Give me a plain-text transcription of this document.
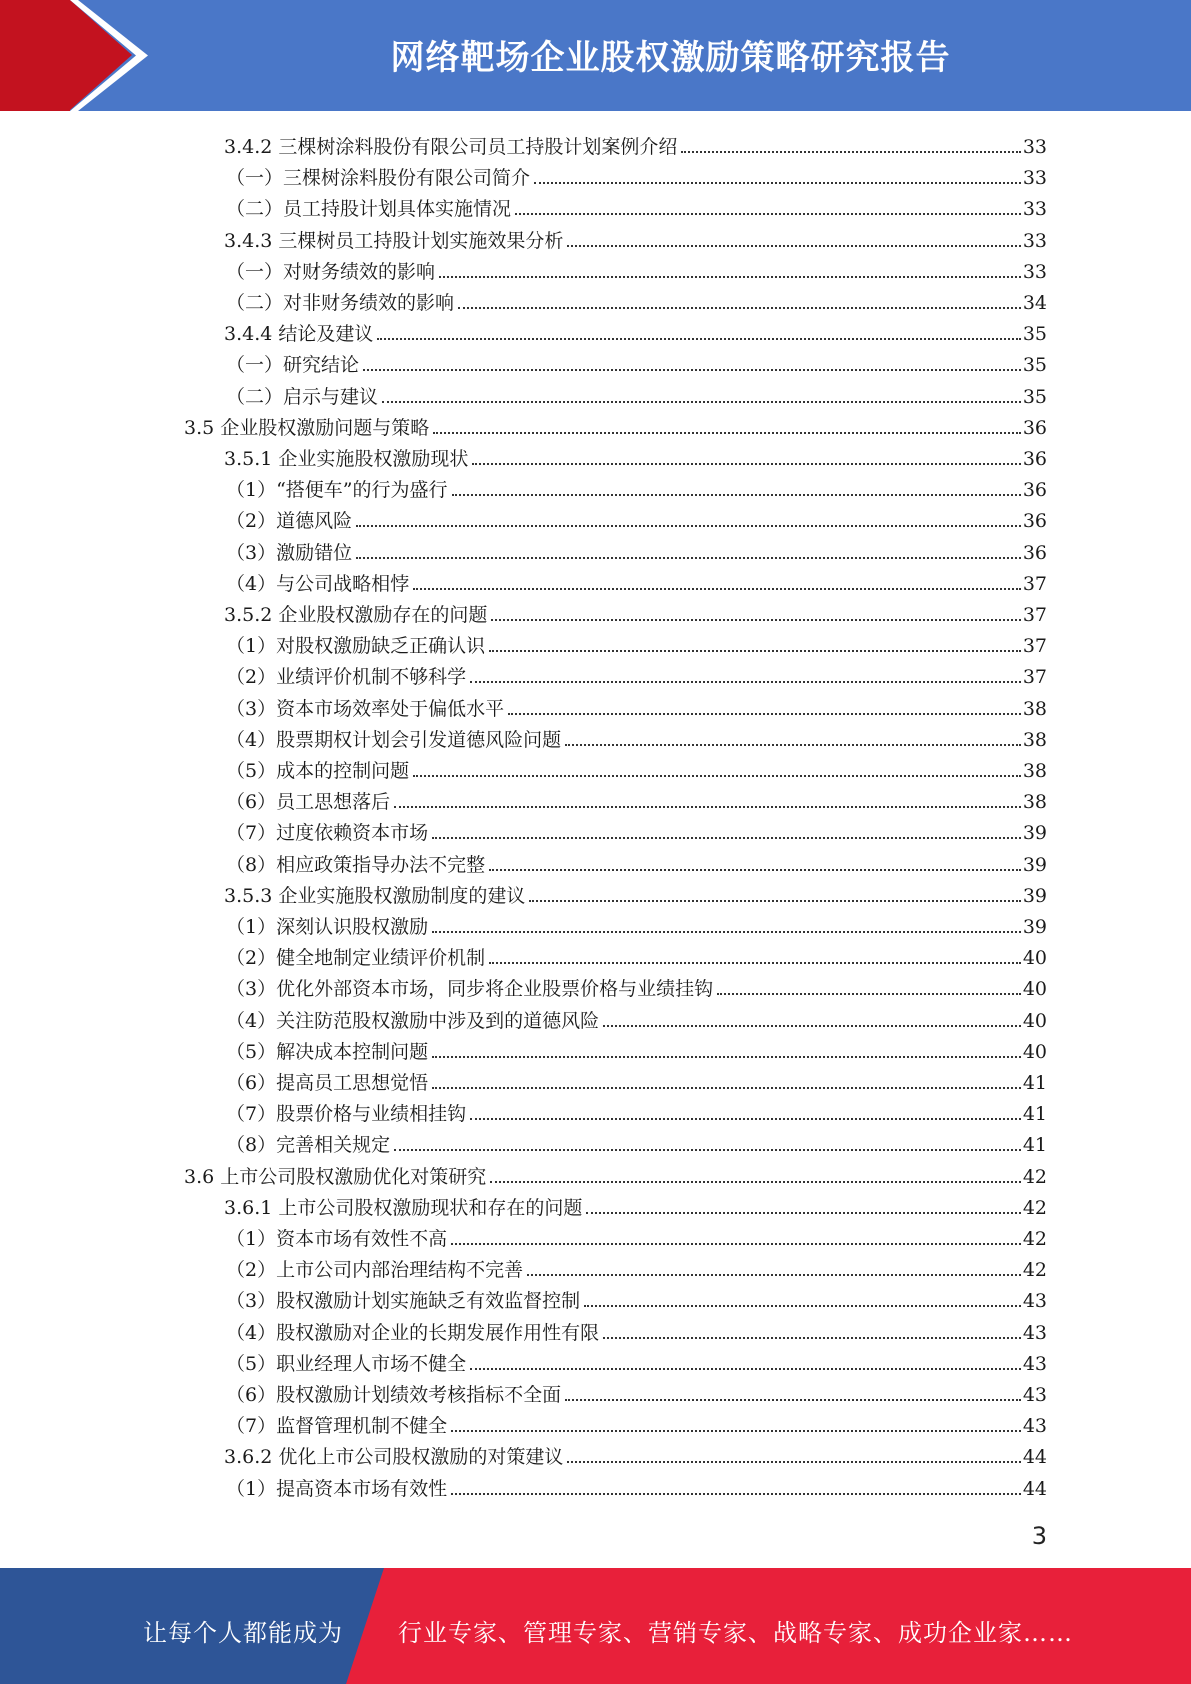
网络靶场企业股权激励策略研究报告
3.4.2 三棵树涂料股份有限公司员工持股计划案例介绍	33
（一）三棵树涂料股份有限公司简介	33
（二）员工持股计划具体实施情况	33
3.4.3 三棵树员工持股计划实施效果分析	33
（一）对财务绩效的影响	33
（二）对非财务绩效的影响	34
3.4.4 结论及建议	35
（一）研究结论	35
（二）启示与建议	35
3.5 企业股权激励问题与策略	36
3.5.1 企业实施股权激励现状	36
（1）“搭便车”的行为盛行	36
（2）道德风险	36
（3）激励错位	36
（4）与公司战略相悖	37
3.5.2 企业股权激励存在的问题	37
（1）对股权激励缺乏正确认识	37
（2）业绩评价机制不够科学	37
（3）资本市场效率处于偏低水平	38
（4）股票期权计划会引发道德风险问题	38
（5）成本的控制问题	38
（6）员工思想落后	38
（7）过度依赖资本市场	39
（8）相应政策指导办法不完整	39
3.5.3 企业实施股权激励制度的建议	39
（1）深刻认识股权激励	39
（2）健全地制定业绩评价机制	40
（3）优化外部资本市场，同步将企业股票价格与业绩挂钩	40
（4）关注防范股权激励中涉及到的道德风险	40
（5）解决成本控制问题	40
（6）提高员工思想觉悟	41
（7）股票价格与业绩相挂钩	41
（8）完善相关规定	41
3.6 上市公司股权激励优化对策研究	42
3.6.1 上市公司股权激励现状和存在的问题	42
（1）资本市场有效性不高	42
（2）上市公司内部治理结构不完善	42
（3）股权激励计划实施缺乏有效监督控制	43
（4）股权激励对企业的长期发展作用性有限	43
（5）职业经理人市场不健全	43
（6）股权激励计划绩效考核指标不全面	43
（7）监督管理机制不健全	43
3.6.2 优化上市公司股权激励的对策建议	44
（1）提高资本市场有效性	44
3
让每个人都能成为 行业专家、管理专家、营销专家、战略专家、成功企业家……
